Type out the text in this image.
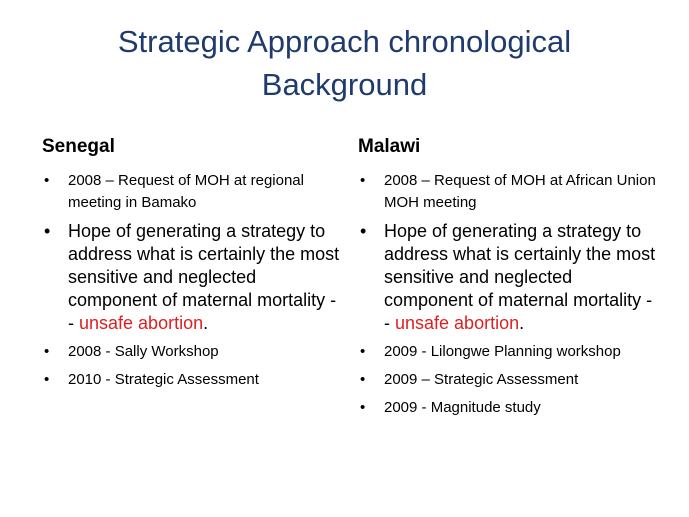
Strategic Approach chronological
Background
Senegal
• 2008 – Request of MOH at regional meeting in Bamako
• Hope of generating a strategy to address what is certainly the most sensitive and neglected component of maternal mortality -- unsafe abortion.
• 2008 - Sally Workshop
• 2010 - Strategic Assessment
Malawi
• 2008 – Request of MOH at African Union MOH meeting
• Hope of generating a strategy to address what is certainly the most sensitive and neglected component of maternal mortality -- unsafe abortion.
• 2009 - Lilongwe Planning workshop
• 2009 – Strategic Assessment
• 2009 - Magnitude study
